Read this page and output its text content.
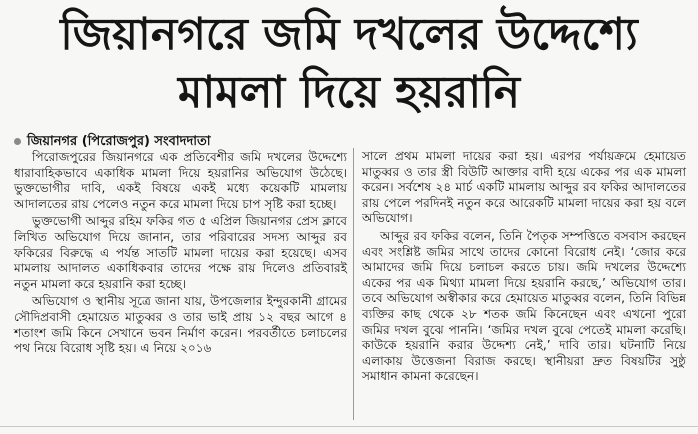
জিয়ানগরে জমি দখলের উদ্দেশ্যে
মামলা দিয়ে হয়রানি
জিয়ানগর (পিরোজপুর) সংবাদদাতা

পিরোজপুরের জিয়ানগরে এক প্রতিবেশীর জমি দখলের উদ্দেশ্যে ধারাবাহিকভাবে একাধিক মামলা দিয়ে হয়রানির অভিযোগ উঠেছে। ভুক্তভোগীর দাবি, একই বিষয়ে একই মধ্যে কয়েকটি মামলায় আদালতের রায় পেলেও নতুন করে মামলা দিয়ে চাপ সৃষ্টি করা হচ্ছে।

ভুক্তভোগী আব্দুর রহিম ফকির গত ৫ এপ্রিল জিয়ানগর প্রেস ক্লাবে লিখিত অভিযোগ দিয়ে জানান, তার পরিবারের সদস্য আব্দুর রব ফকিরের বিরুদ্ধে এ পর্যন্ত সাতটি মামলা দায়ের করা হয়েছে। এসব মামলায় আদালত একাধিকবার তাদের পক্ষে রায় দিলেও প্রতিবারই নতুন মামলা করে হয়রানি করা হচ্ছে।

অভিযোগ ও স্থানীয় সূত্রে জানা যায়, উপজেলার ইন্দুরকানী গ্রামের সৌদিপ্রবাসী হেমায়েত মাতুব্বর ও তার ভাই প্রায় ১২ বছর আগে ৪ শতাংশ জমি কিনে সেখানে ভবন নির্মাণ করেন। পরবর্তীতে চলাচলের পথ নিয়ে বিরোধ সৃষ্টি হয়। এ নিয়ে ২০১৬

সালে প্রথম মামলা দায়ের করা হয়। এরপর পর্যায়ক্রমে হেমায়েত মাতুব্বর ও তার স্ত্রী বিউটি আক্তার বাদী হয়ে একের পর এক মামলা করেন। সর্বশেষ ২৪ মার্চ একটি মামলায় আব্দুর রব ফকির আদালতের রায় পেলে পরদিনই নতুন করে আরেকটি মামলা দায়ের করা হয় বলে অভিযোগ।

আব্দুর রব ফকির বলেন, তিনি পৈতৃক সম্পত্তিতে বসবাস করছেন এবং সংশ্লিষ্ট জমির সাথে তাদের কোনো বিরোধ নেই। ‘জোর করে আমাদের জমি দিয়ে চলাচল করতে চায়। জমি দখলের উদ্দেশ্যে একের পর এক মিথ্যা মামলা দিয়ে হয়রানি করছে,’ অভিযোগ তার। তবে অভিযোগ অস্বীকার করে হেমায়েত মাতুব্বর বলেন, তিনি বিভিন্ন ব্যক্তির কাছ থেকে ২৮ শতক জমি কিনেছেন এবং এখনো পুরো জমির দখল বুঝে পাননি। ‘জমির দখল বুঝে পেতেই মামলা করেছি। কাউকে হয়রানি করার উদ্দেশ্য নেই,’ দাবি তার। ঘটনাটি নিয়ে এলাকায় উত্তেজনা বিরাজ করছে। স্থানীয়রা দ্রুত বিষয়টির সুষ্ঠু সমাধান কামনা করেছেন।
